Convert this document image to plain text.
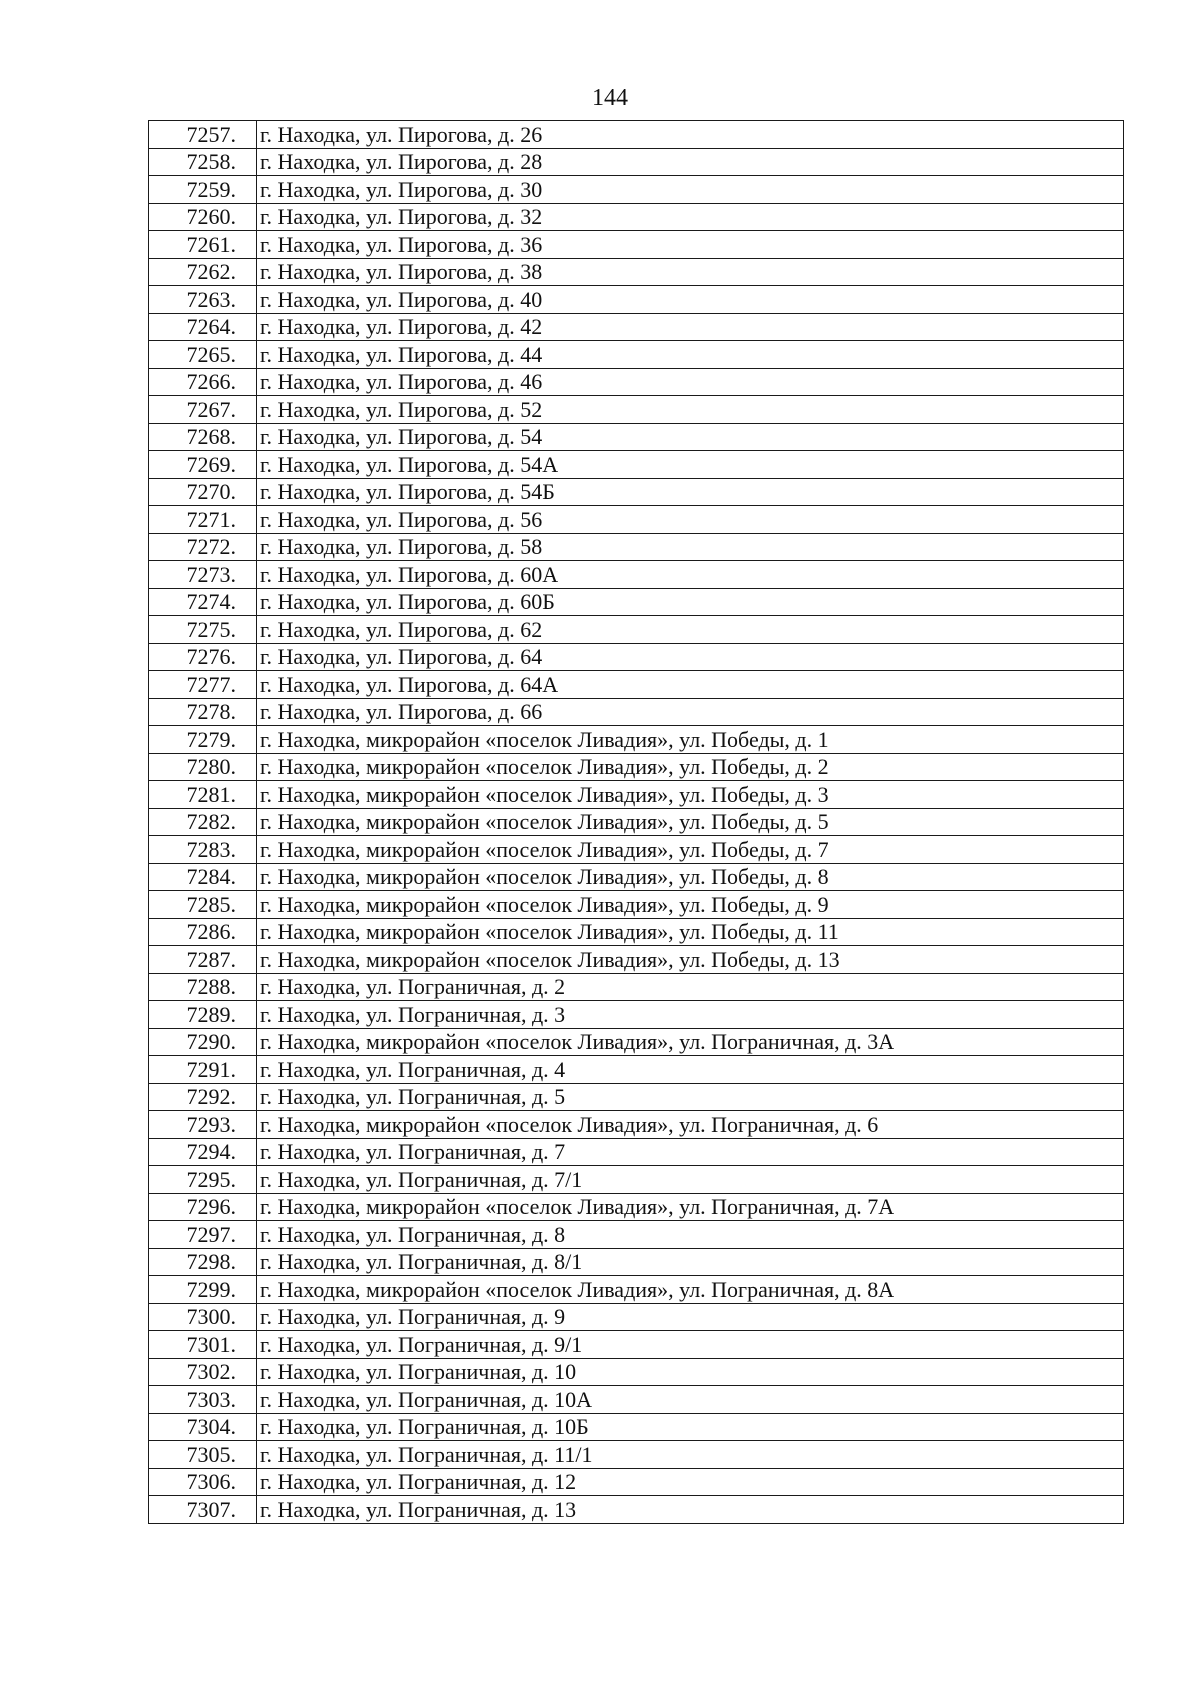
144
7257.	г. Находка, ул. Пирогова, д. 26
7258.	г. Находка, ул. Пирогова, д. 28
7259.	г. Находка, ул. Пирогова, д. 30
7260.	г. Находка, ул. Пирогова, д. 32
7261.	г. Находка, ул. Пирогова, д. 36
7262.	г. Находка, ул. Пирогова, д. 38
7263.	г. Находка, ул. Пирогова, д. 40
7264.	г. Находка, ул. Пирогова, д. 42
7265.	г. Находка, ул. Пирогова, д. 44
7266.	г. Находка, ул. Пирогова, д. 46
7267.	г. Находка, ул. Пирогова, д. 52
7268.	г. Находка, ул. Пирогова, д. 54
7269.	г. Находка, ул. Пирогова, д. 54А
7270.	г. Находка, ул. Пирогова, д. 54Б
7271.	г. Находка, ул. Пирогова, д. 56
7272.	г. Находка, ул. Пирогова, д. 58
7273.	г. Находка, ул. Пирогова, д. 60А
7274.	г. Находка, ул. Пирогова, д. 60Б
7275.	г. Находка, ул. Пирогова, д. 62
7276.	г. Находка, ул. Пирогова, д. 64
7277.	г. Находка, ул. Пирогова, д. 64А
7278.	г. Находка, ул. Пирогова, д. 66
7279.	г. Находка, микрорайон «поселок Ливадия», ул. Победы, д. 1
7280.	г. Находка, микрорайон «поселок Ливадия», ул. Победы, д. 2
7281.	г. Находка, микрорайон «поселок Ливадия», ул. Победы, д. 3
7282.	г. Находка, микрорайон «поселок Ливадия», ул. Победы, д. 5
7283.	г. Находка, микрорайон «поселок Ливадия», ул. Победы, д. 7
7284.	г. Находка, микрорайон «поселок Ливадия», ул. Победы, д. 8
7285.	г. Находка, микрорайон «поселок Ливадия», ул. Победы, д. 9
7286.	г. Находка, микрорайон «поселок Ливадия», ул. Победы, д. 11
7287.	г. Находка, микрорайон «поселок Ливадия», ул. Победы, д. 13
7288.	г. Находка, ул. Пограничная, д. 2
7289.	г. Находка, ул. Пограничная, д. 3
7290.	г. Находка, микрорайон «поселок Ливадия», ул. Пограничная, д. 3А
7291.	г. Находка, ул. Пограничная, д. 4
7292.	г. Находка, ул. Пограничная, д. 5
7293.	г. Находка, микрорайон «поселок Ливадия», ул. Пограничная, д. 6
7294.	г. Находка, ул. Пограничная, д. 7
7295.	г. Находка, ул. Пограничная, д. 7/1
7296.	г. Находка, микрорайон «поселок Ливадия», ул. Пограничная, д. 7А
7297.	г. Находка, ул. Пограничная, д. 8
7298.	г. Находка, ул. Пограничная, д. 8/1
7299.	г. Находка, микрорайон «поселок Ливадия», ул. Пограничная, д. 8А
7300.	г. Находка, ул. Пограничная, д. 9
7301.	г. Находка, ул. Пограничная, д. 9/1
7302.	г. Находка, ул. Пограничная, д. 10
7303.	г. Находка, ул. Пограничная, д. 10А
7304.	г. Находка, ул. Пограничная, д. 10Б
7305.	г. Находка, ул. Пограничная, д. 11/1
7306.	г. Находка, ул. Пограничная, д. 12
7307.	г. Находка, ул. Пограничная, д. 13
